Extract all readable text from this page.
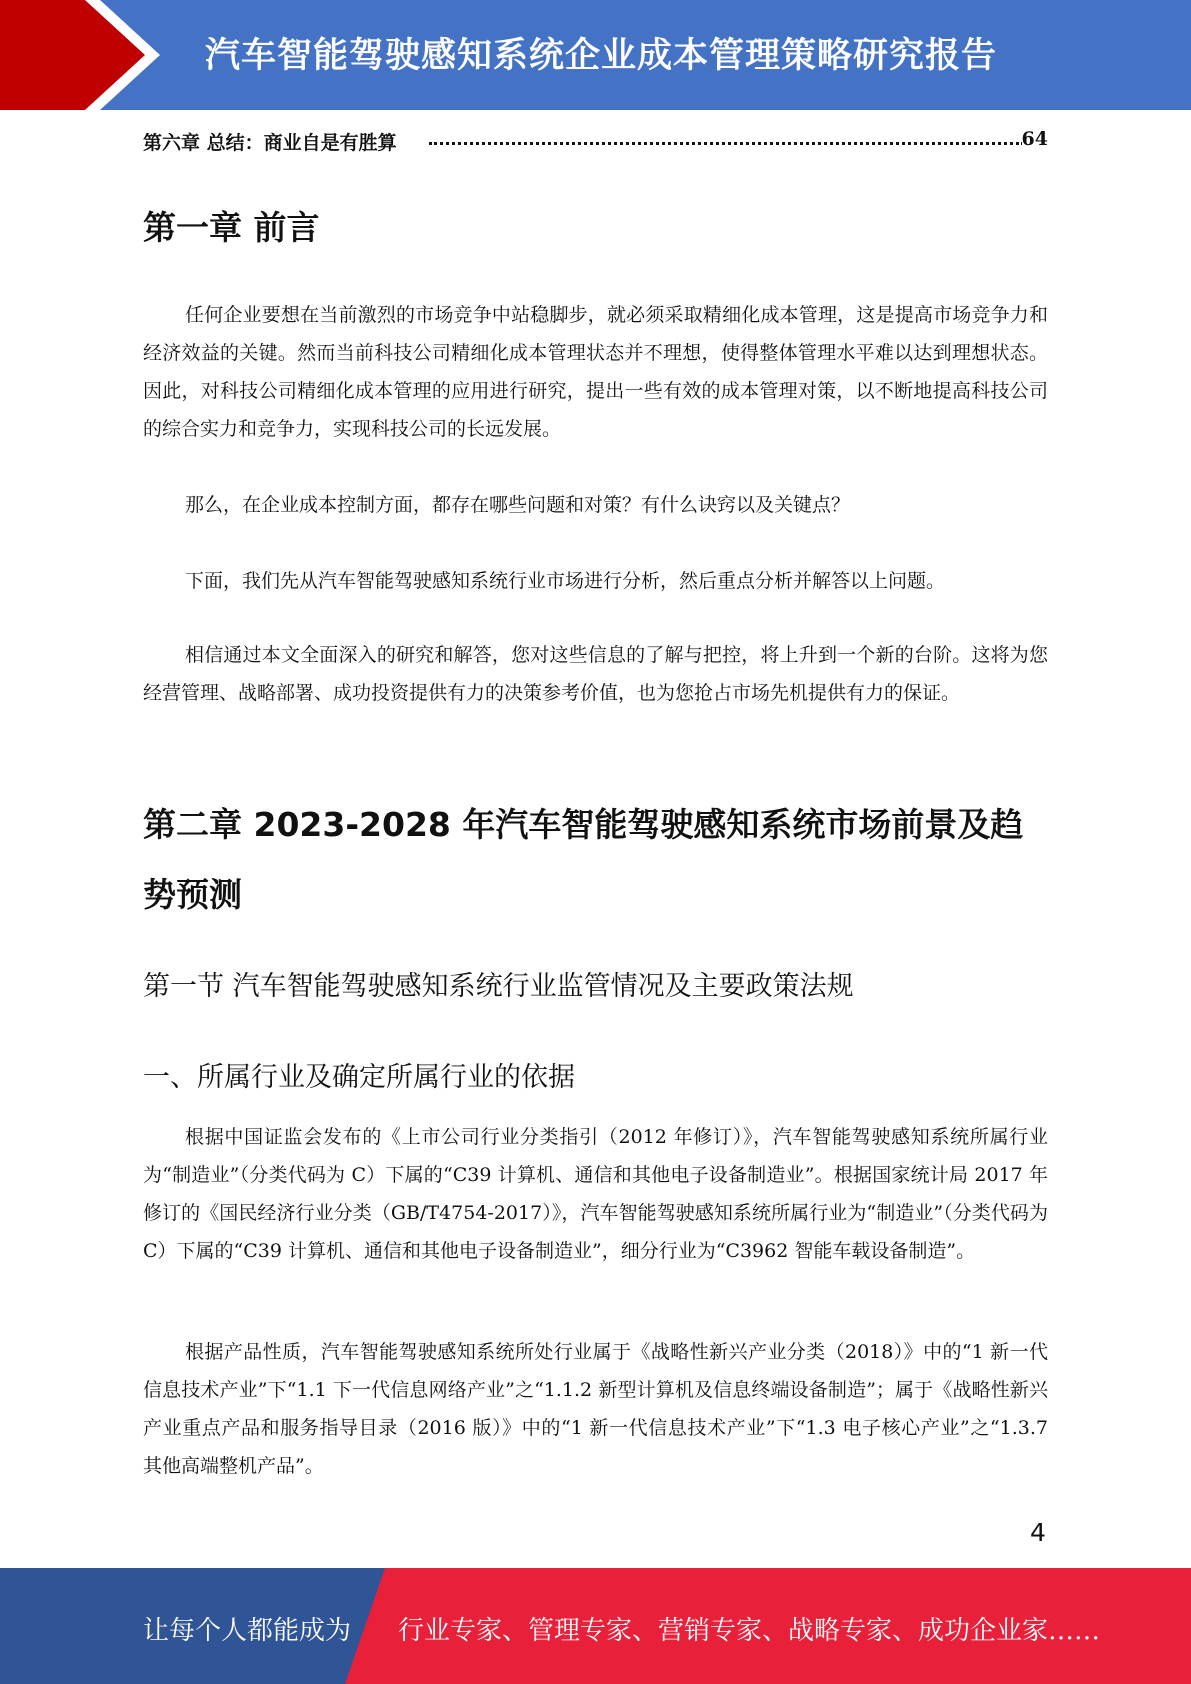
汽车智能驾驶感知系统企业成本管理策略研究报告
第六章 总结：商业自是有胜算	64
第一章 前言

任何企业要想在当前激烈的市场竞争中站稳脚步，就必须采取精细化成本管理，这是提高市场竞争力和经济效益的关键。然而当前科技公司精细化成本管理状态并不理想，使得整体管理水平难以达到理想状态。因此，对科技公司精细化成本管理的应用进行研究，提出一些有效的成本管理对策，以不断地提高科技公司的综合实力和竞争力，实现科技公司的长远发展。

那么，在企业成本控制方面，都存在哪些问题和对策？有什么诀窍以及关键点？

下面，我们先从汽车智能驾驶感知系统行业市场进行分析，然后重点分析并解答以上问题。

相信通过本文全面深入的研究和解答，您对这些信息的了解与把控，将上升到一个新的台阶。这将为您经营管理、战略部署、成功投资提供有力的决策参考价值，也为您抢占市场先机提供有力的保证。

第二章 2023-2028 年汽车智能驾驶感知系统市场前景及趋势预测
第一节 汽车智能驾驶感知系统行业监管情况及主要政策法规
一、所属行业及确定所属行业的依据

根据中国证监会发布的《上市公司行业分类指引（2012 年修订）》，汽车智能驾驶感知系统所属行业为“制造业”（分类代码为 C）下属的“C39 计算机、通信和其他电子设备制造业”。根据国家统计局 2017 年修订的《国民经济行业分类（GB/T4754-2017）》，汽车智能驾驶感知系统所属行业为“制造业”（分类代码为 C）下属的“C39 计算机、通信和其他电子设备制造业”，细分行业为“C3962 智能车载设备制造”。

根据产品性质，汽车智能驾驶感知系统所处行业属于《战略性新兴产业分类（2018）》中的“1 新一代信息技术产业”下“1.1 下一代信息网络产业”之“1.1.2 新型计算机及信息终端设备制造”；属于《战略性新兴产业重点产品和服务指导目录（2016 版）》中的“1 新一代信息技术产业”下“1.3 电子核心产业”之“1.3.7 其他高端整机产品”。

4
让每个人都能成为 行业专家、管理专家、营销专家、战略专家、成功企业家……
